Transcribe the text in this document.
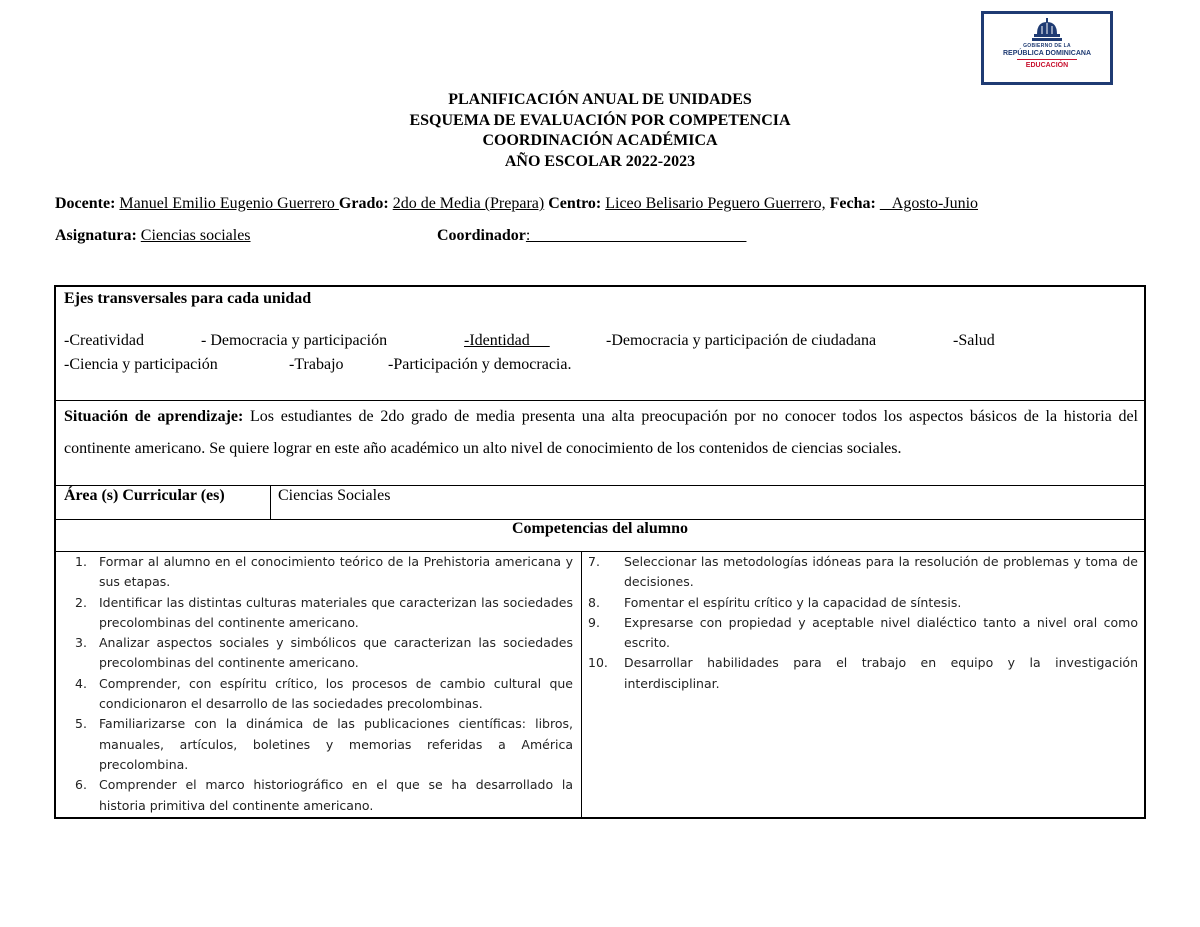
GOBIERNO DE LA
REPÚBLICA DOMINICANA
EDUCACIÓN
PLANIFICACIÓN ANUAL DE UNIDADES
ESQUEMA DE EVALUACIÓN POR COMPETENCIA
COORDINACIÓN ACADÉMICA
AÑO ESCOLAR 2022-2023
Docente: Manuel Emilio Eugenio Guerrero Grado: 2do de Media (Prepara) Centro: Liceo Belisario Peguero Guerrero, Fecha:  _Agosto-Junio
Asignatura: Ciencias sociales	Coordinador:___________________________
Ejes transversales para cada unidad
-Creatividad	- Democracia y participación	-Identidad	-Democracia y participación de ciudadana	-Salud
-Ciencia y participación	-Trabajo	-Participación y democracia.
Situación de aprendizaje: Los estudiantes de 2do grado de media presenta una alta preocupación por no conocer todos los aspectos básicos de la historia del continente americano. Se quiere lograr en este año académico un alto nivel de conocimiento de los contenidos de ciencias sociales.
Área (s) Curricular (es)	Ciencias Sociales
Competencias del alumno
1. Formar al alumno en el conocimiento teórico de la Prehistoria americana y sus etapas.
2. Identificar las distintas culturas materiales que caracterizan las sociedades precolombinas del continente americano.
3. Analizar aspectos sociales y simbólicos que caracterizan las sociedades precolombinas del continente americano.
4. Comprender, con espíritu crítico, los procesos de cambio cultural que condicionaron el desarrollo de las sociedades precolombinas.
5. Familiarizarse con la dinámica de las publicaciones científicas: libros, manuales, artículos, boletines y memorias referidas a América precolombina.
6. Comprender el marco historiográfico en el que se ha desarrollado la historia primitiva del continente americano.
7. Seleccionar las metodologías idóneas para la resolución de problemas y toma de decisiones.
8. Fomentar el espíritu crítico y la capacidad de síntesis.
9. Expresarse con propiedad y aceptable nivel dialéctico tanto a nivel oral como escrito.
10. Desarrollar habilidades para el trabajo en equipo y la investigación interdisciplinar.
